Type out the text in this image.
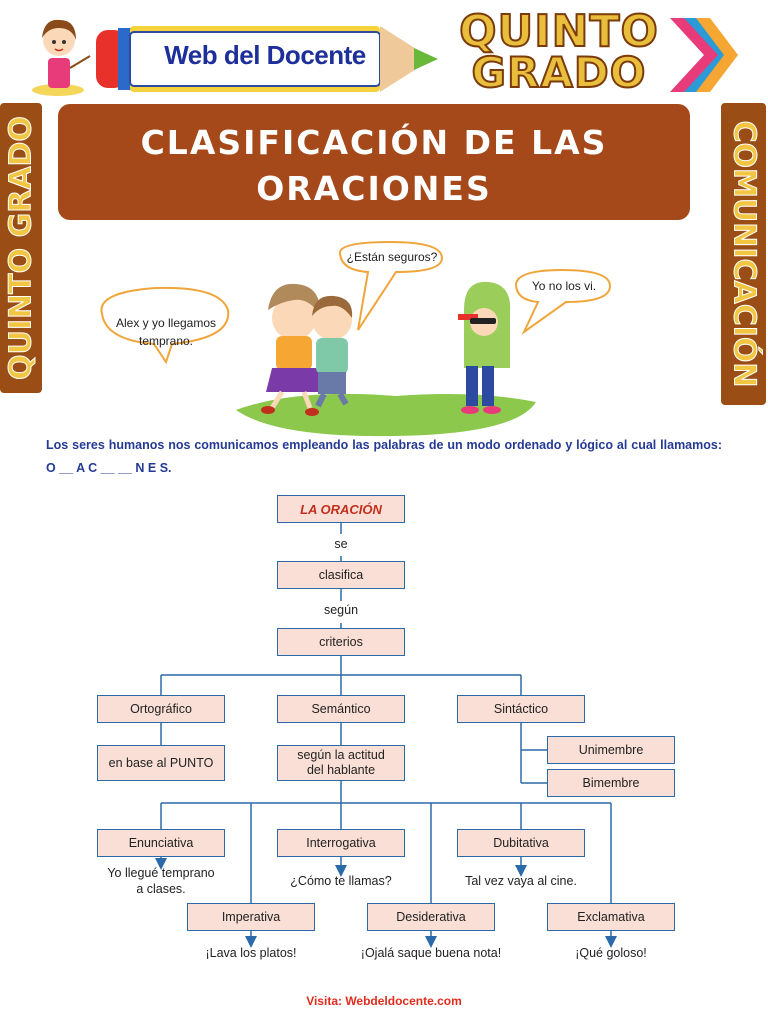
Web del Docente	QUINTO
GRADO
QUINTO GRADO	COMUNICACIÓN
CLASIFICACIÓN DE LAS
ORACIONES
Alex y yo llegamos
temprano.
¿Están seguros?
Yo no los vi.
Los seres humanos nos comunicamos empleando las palabras de un modo ordenado y lógico al cual llamamos: O __ A C __ __ N E S.
LA ORACIÓN
se
clasifica
según
criterios
Ortográfico	Semántico	Sintáctico
en base al PUNTO
según la actitud
del hablante
Unimembre
Bimembre
Enunciativa	Interrogativa	Dubitativa
Yo llegué temprano
a clases.
¿Cómo te llamas?	Tal vez vaya al cine.
Imperativa	Desiderativa	Exclamativa
¡Lava los platos!	¡Ojalá saque buena nota!	¡Qué goloso!
Visita: Webdeldocente.com
